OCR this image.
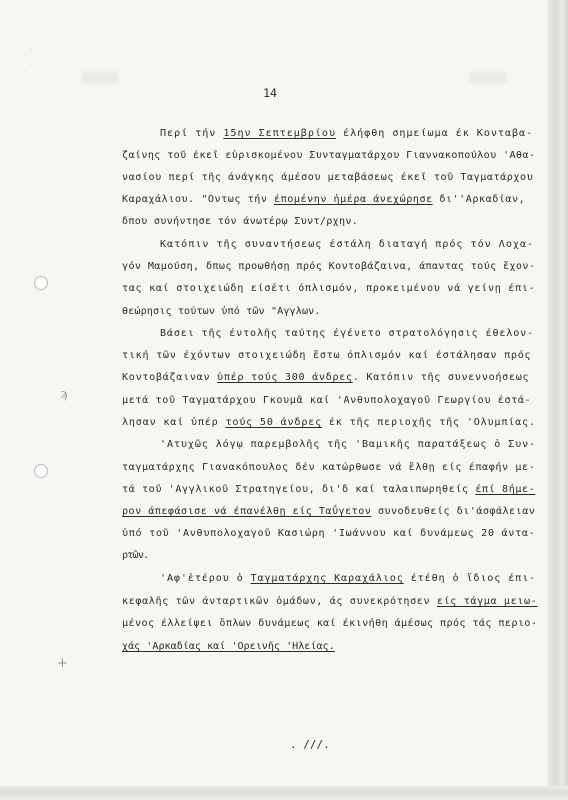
·
·
·
14
ϡ
+
Περί τήν 15ην Σεπτεμβρίου έλήφθη σημείωμα έκ Κονταβα-
ζαίνης τοῦ έκεῖ εὑρισκομένου Συνταγματάρχου Γιαννακοπούλου 'Αθα-
νασίου περί τῆς άνάγκης άμέσου μεταβάσεως έκεῖ τοῦ Ταγματάρχου
Καραχάλιου. "Οντως τήν έπομένην ἡμέρα άνεχώρησε δι''Αρκαδίαν,
δπου συνήντησε τόν άνωτέρῳ Συντ/ρχην.
Κατόπιν τῆς συναντήσεως έστάλη διαταγή πρός τόν Λοχα-
γόν Μαμούση, δπως προωθήσῃ πρός Κοντοβάζαινα, άπαντας τούς ἔχον-
τας καί στοιχειώδη είσέτι όπλισμόν, προκειμένου νά γείνῃ έπι-
θεώρησις τούτων ὑπό τῶν "Αγγλων.
Βάσει τῆς έντολῆς ταύτης έγένετο στρατολόγησις έθελον-
τική τῶν έχόντων στοιχειώδη ἔστω όπλισμόν καί έστάλησαν πρός
Κοντοβάζαιναν ὑπέρ τούς 300 άνδρες. Κατόπιν τῆς συνεννοήσεως
μετά τοῦ Ταγματάρχου Γκουμᾶ καί 'Ανθυπολοχαγοῦ Γεωργίου έστά-
λησαν καί ὑπέρ τούς 50 άνδρες έκ τῆς περιοχῆς τῆς 'Ολυμπίας.
'Ατυχῶς λόγῳ παρεμβολῆς τῆς 'Βαμικῆς παρατάξεως ὁ Συν-
ταγματάρχης Γιανακόπουλος δέν κατώρθωσε νά ἔλθῃ είς έπαφήν με-
τά τοῦ 'Αγγλικοῦ Στρατηγείου, δι'δ καί ταλαιπωρηθείς έπί 8ήμε-
ρον άπεφάσισε νά έπανέλθῃ είς Ταΰγετον συνοδευθείς δι'άσφάλειαν
ὑπό τοῦ 'Ανθυπολοχαγοῦ Κασιώρη 'Ιωάννου καί δυνάμεως 20 άντα-
ρτῶν.
'Αφ'ἑτέρου ὁ Ταγματάρχης Καραχάλιος έτέθη ὁ ἴδιος έπι-
κεφαλῆς τῶν άνταρτικῶν ὁμάδων, άς συνεκρότησεν είς τάγμα μειω-
μένος έλλείψει ὅπλων δυνάμεως καί έκινήθη άμέσως πρός τάς περιο-
χάς 'Αρκαδίας καί 'Ορεινῆς 'Ηλείας.
. ///.
